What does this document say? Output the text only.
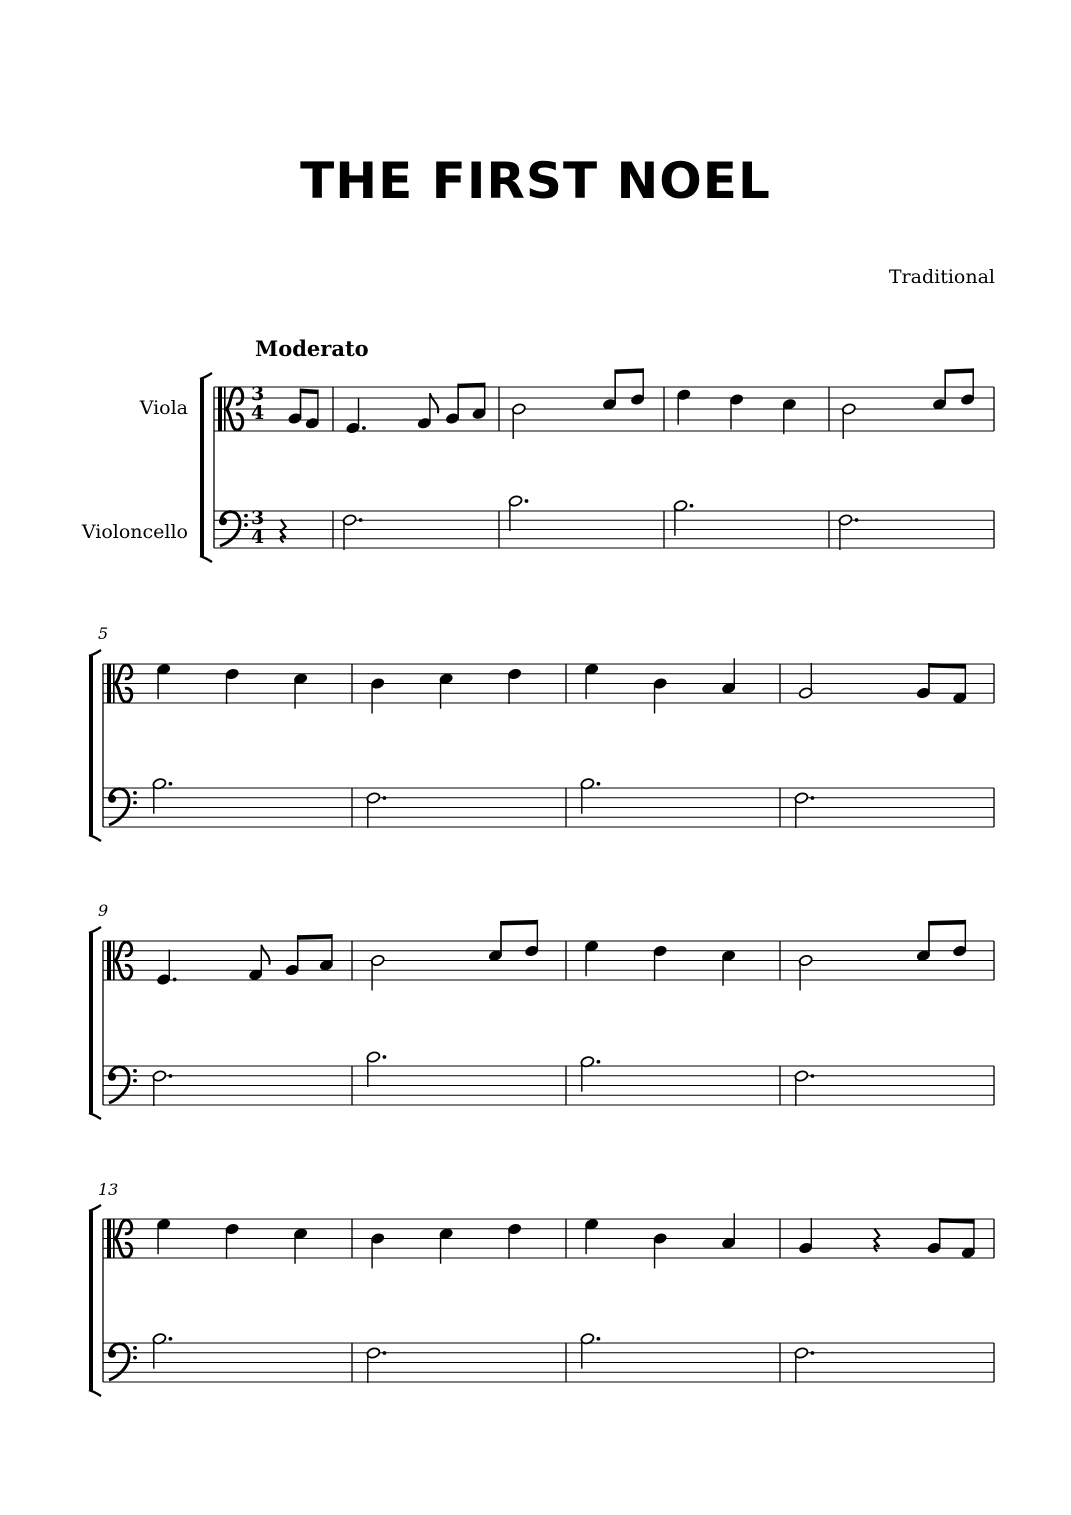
THE FIRST NOEL
Traditional
Moderato
Viola
Violoncello
5
9
13
3
4
3
4
